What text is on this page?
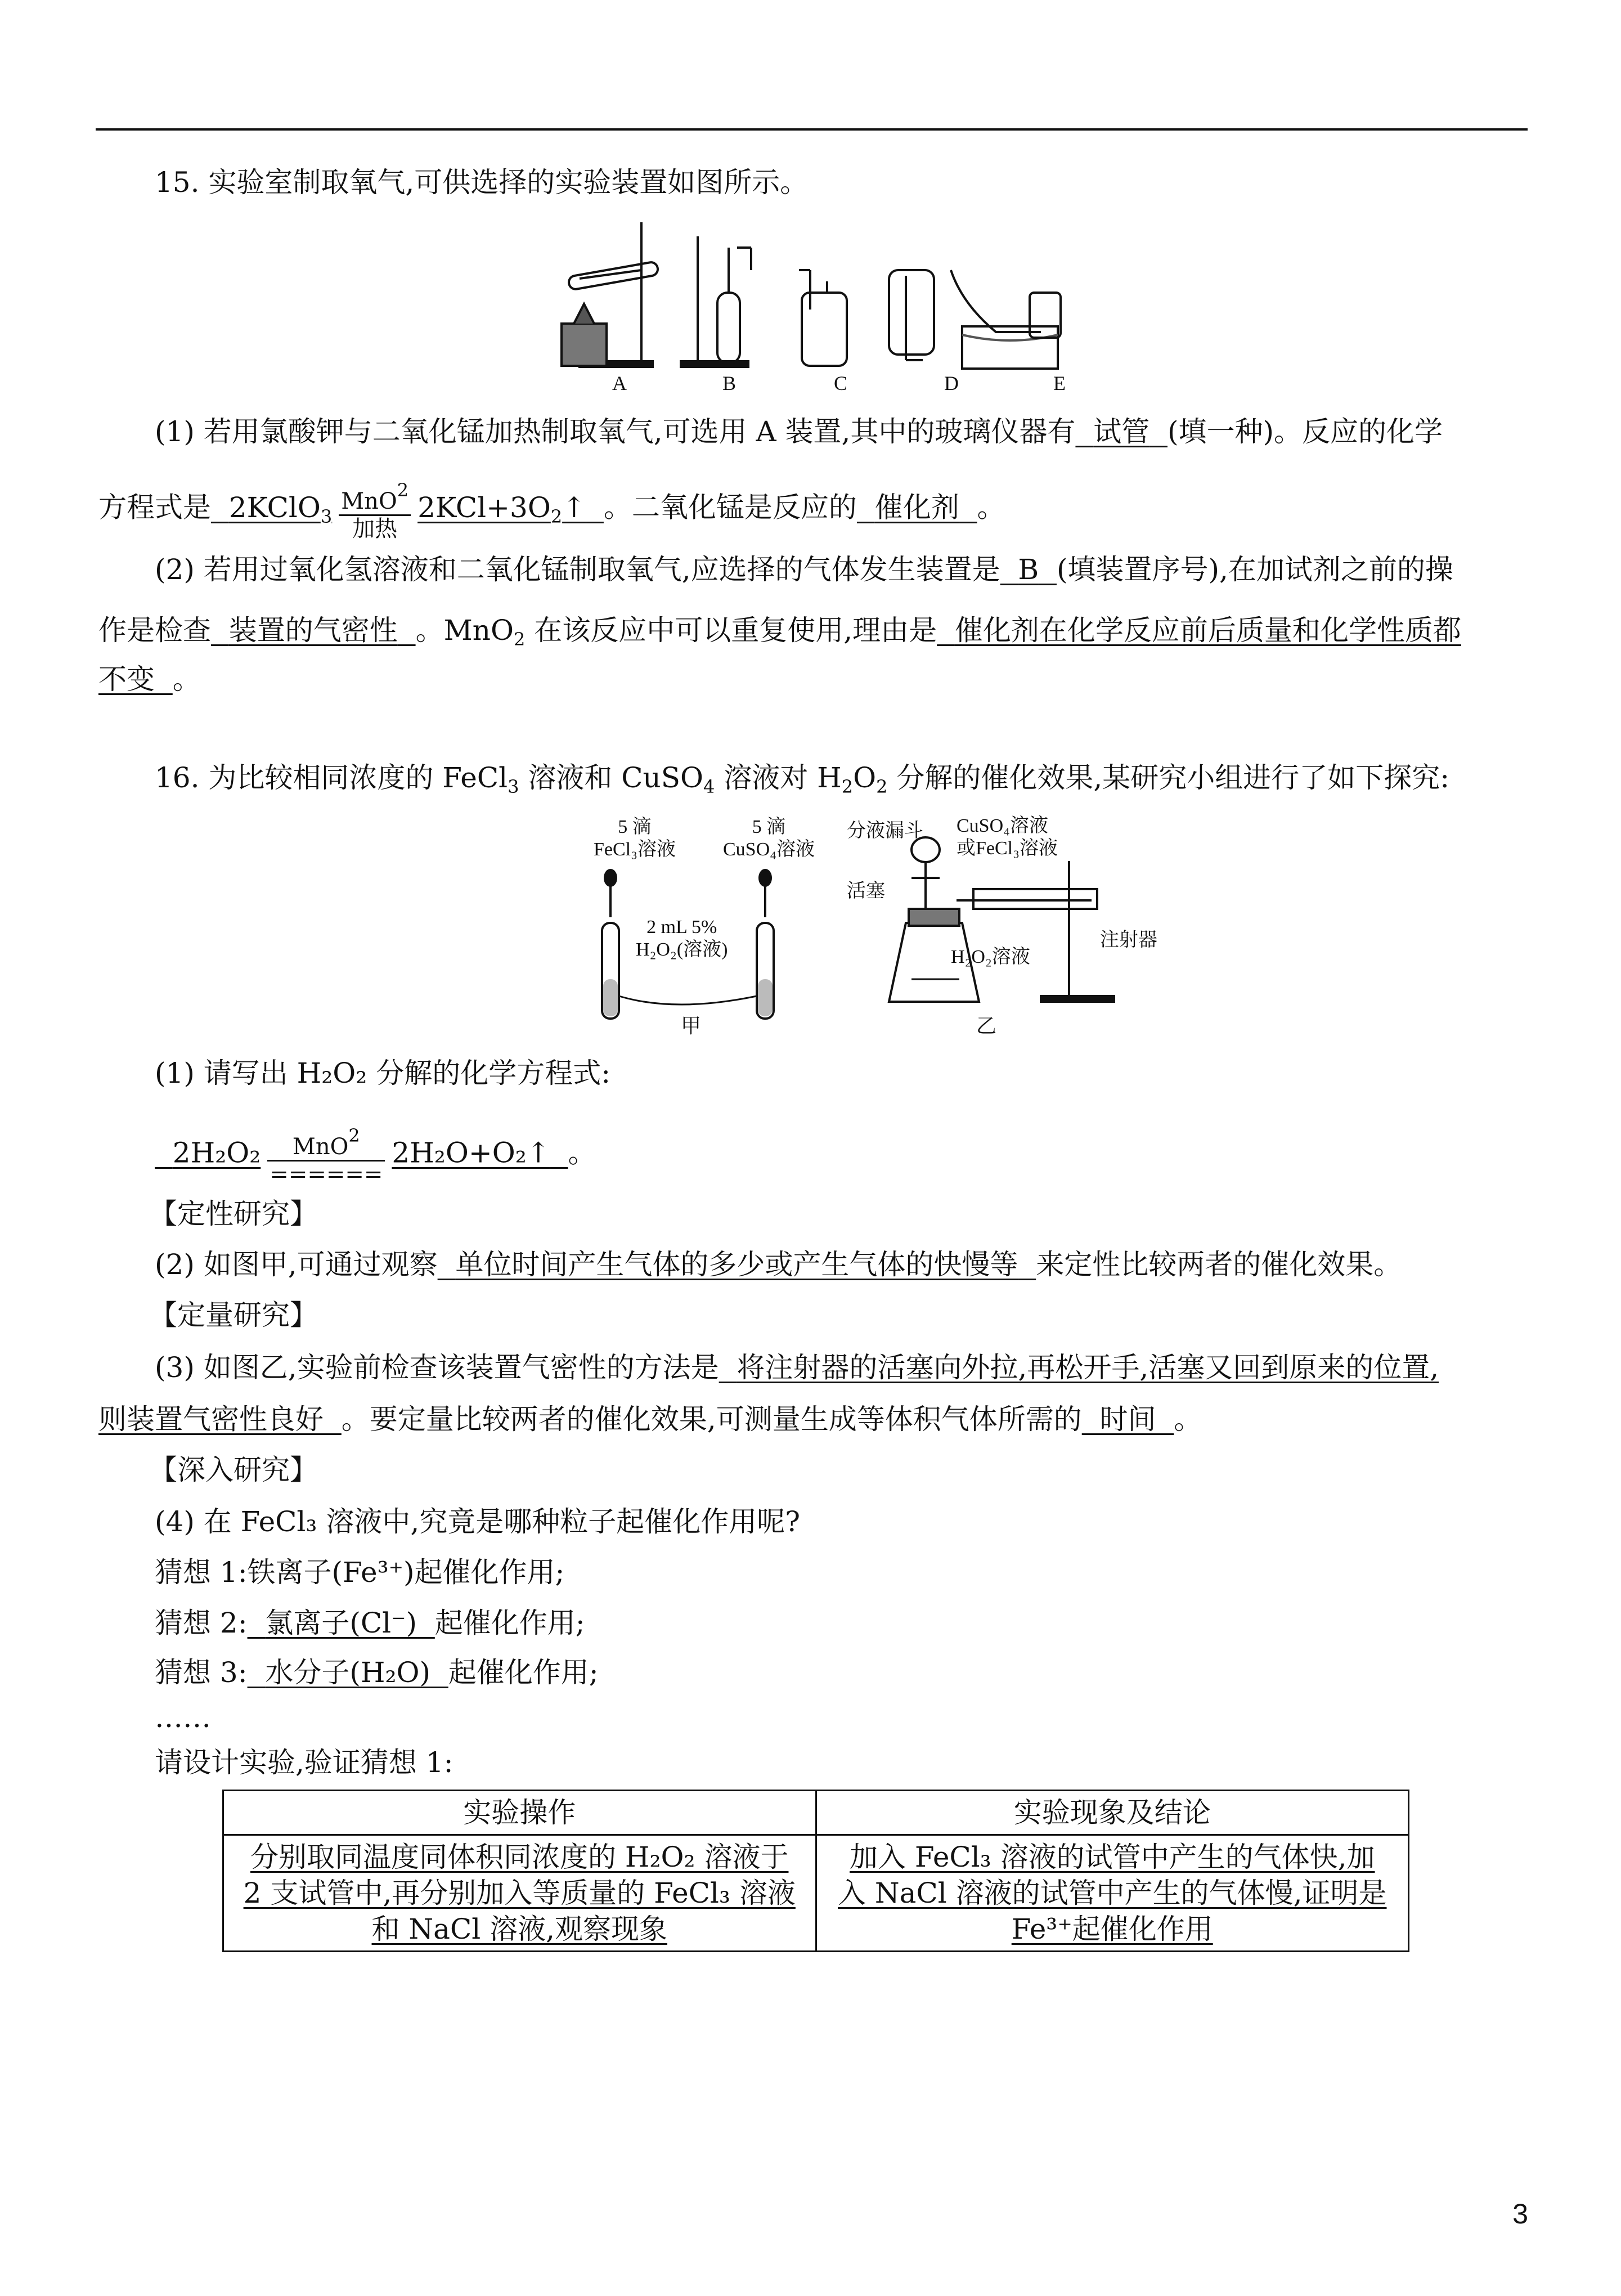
15. 实验室制取氧气,可供选择的实验装置如图所示。
A	B	C	D	E
(1) 若用氯酸钾与二氧化锰加热制取氧气,可选用 A 装置,其中的玻璃仪器有 试管 (填一种)。反应的化学
方程式是 2KClO$_3$ $\frac{MnO^2}{\text{加热}}$ $2KCl+3O_2↑$ 。二氧化锰是反应的 催化剂 。
(2) 若用过氧化氢溶液和二氧化锰制取氧气,应选择的气体发生装置是 B (填装置序号),在加试剂之前的操
作是检查 装置的气密性 。MnO$_2$ 在该反应中可以重复使用,理由是 催化剂在化学反应前后质量和化学性质都
不变 。
16. 为比较相同浓度的 FeCl$_3$ 溶液和 CuSO$_4$ 溶液对 $H_2O_2$ 分解的催化效果,某研究小组进行了如下探究:
5 滴
FeCl₃溶液
5 滴
CuSO₄溶液
2 mL 5%
H₂O₂(溶液)
甲
分液漏斗 CuSO₄溶液
或FeCl₃溶液
活塞
注射器
H₂O₂溶液
乙
(1) 请写出 H₂O₂ 分解的化学方程式:
$2H_2O_2 \frac{MnO^2}{======}$ 2H₂O+O₂↑ 。
【定性研究】
(2) 如图甲,可通过观察 单位时间产生气体的多少或产生气体的快慢等 来定性比较两者的催化效果。
【定量研究】
(3) 如图乙,实验前检查该装置气密性的方法是 将注射器的活塞向外拉,再松开手,活塞又回到原来的位置,
则装置气密性良好 。要定量比较两者的催化效果,可测量生成等体积气体所需的 时间 。
【深入研究】
(4) 在 FeCl₃ 溶液中,究竟是哪种粒子起催化作用呢?
猜想 1:铁离子(Fe³⁺)起催化作用;
猜想 2: 氯离子(Cl⁻) 起催化作用;
猜想 3: 水分子(H₂O) 起催化作用;
……
请设计实验,验证猜想 1:
实验操作	实验现象及结论
分别取同温度同体积同浓度的 H₂O₂ 溶液于
2 支试管中,再分别加入等质量的 FeCl₃ 溶液
和 NaCl 溶液,观察现象	加入 FeCl₃ 溶液的试管中产生的气体快,加
入 NaCl 溶液的试管中产生的气体慢,证明是
Fe³⁺起催化作用
3
